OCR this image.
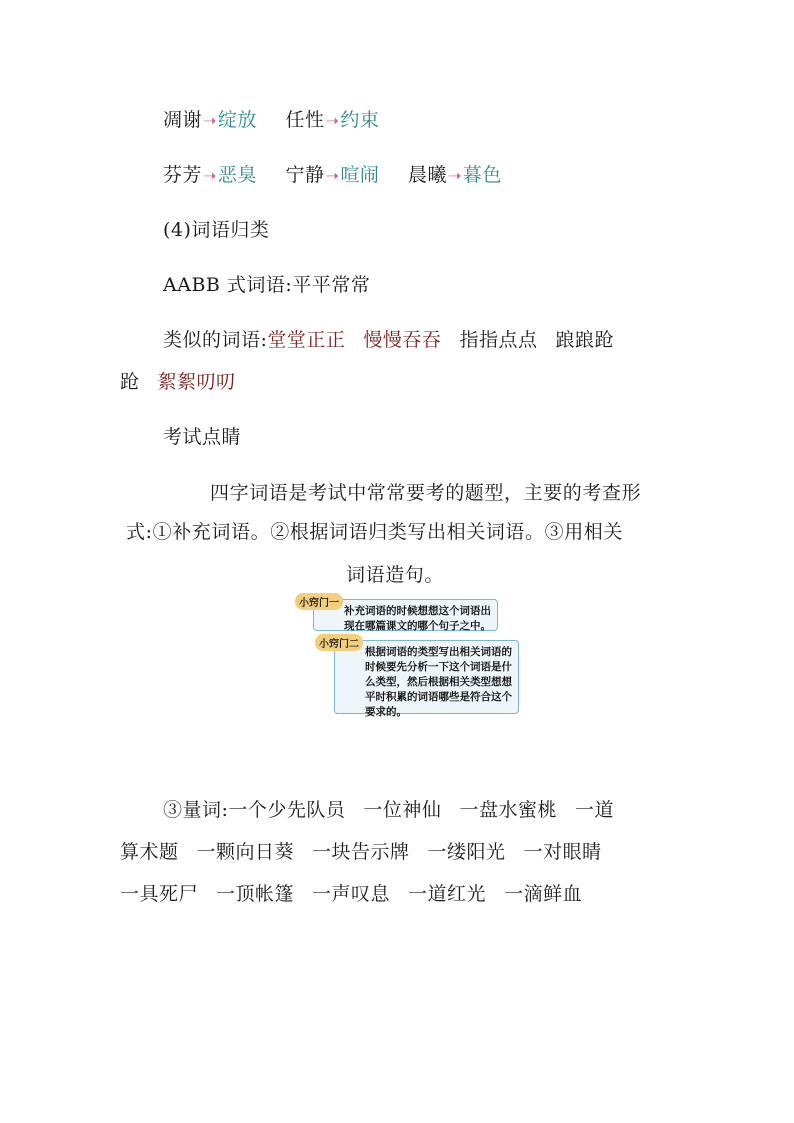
凋谢➝绽放 任性➝约束
芬芳➝恶臭 宁静➝喧闹 晨曦➝暮色
(4)词语归类
AABB 式词语:平平常常
类似的词语:堂堂正正 慢慢吞吞 指指点点 踉踉跄
跄 絮絮叨叨
考试点睛
四字词语是考试中常常要考的题型，主要的考查形
式:①补充词语。②根据词语归类写出相关词语。③用相关
词语造句。
小窍门一
补充词语的时候想想这个词语出现在哪篇课文的哪个句子之中。
小窍门二
根据词语的类型写出相关词语的时候要先分析一下这个词语是什么类型，然后根据相关类型想想平时积累的词语哪些是符合这个要求的。
③量词:一个少先队员 一位神仙 一盘水蜜桃 一道
算术题 一颗向日葵 一块告示牌 一缕阳光 一对眼睛
一具死尸 一顶帐篷 一声叹息 一道红光 一滴鲜血
